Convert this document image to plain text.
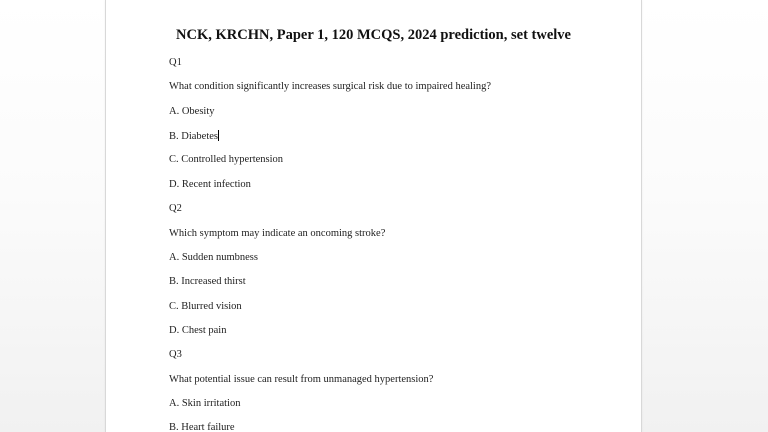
NCK, KRCHN, Paper 1, 120 MCQS, 2024 prediction, set twelve

Q1

What condition significantly increases surgical risk due to impaired healing?

A. Obesity

B. Diabetes

C. Controlled hypertension

D. Recent infection

Q2

Which symptom may indicate an oncoming stroke?

A. Sudden numbness

B. Increased thirst

C. Blurred vision

D. Chest pain

Q3

What potential issue can result from unmanaged hypertension?

A. Skin irritation

B. Heart failure
